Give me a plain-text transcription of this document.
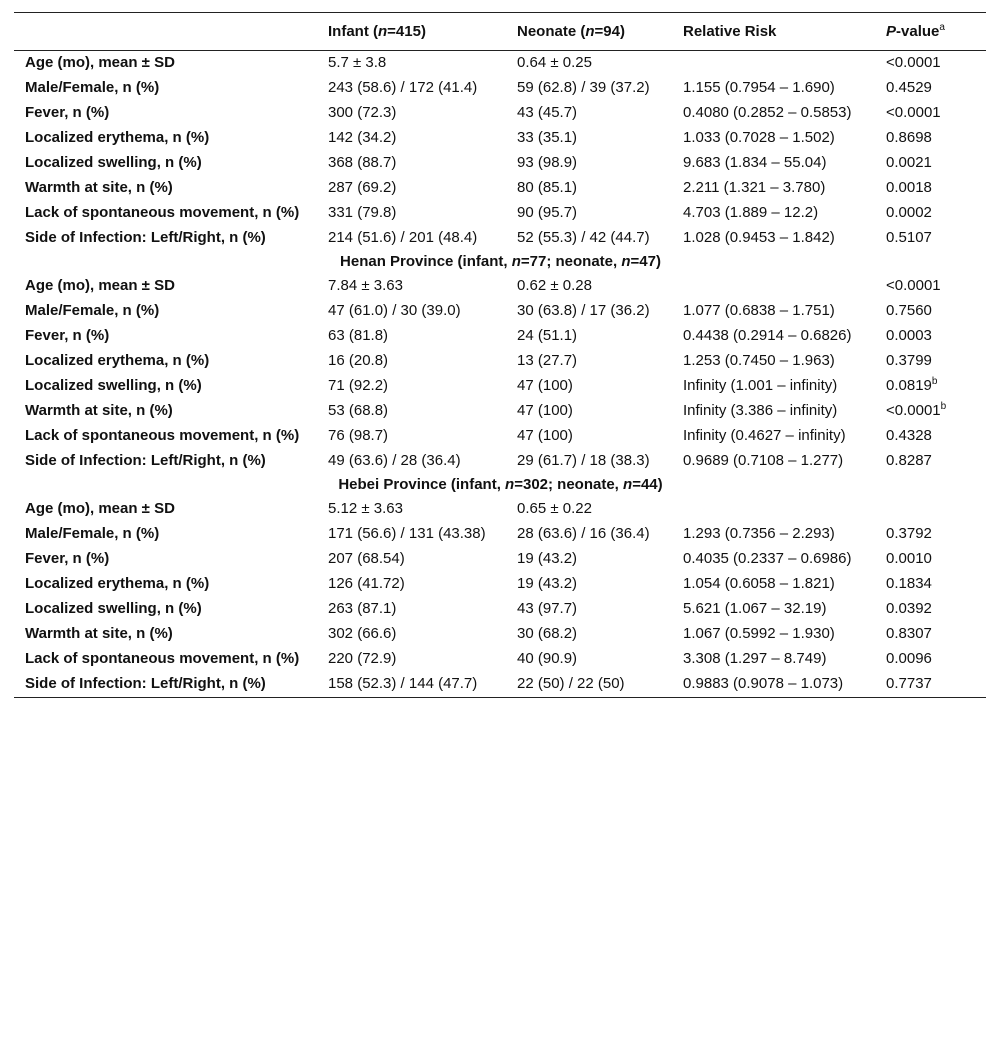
	Infant (n=415)	Neonate (n=94)	Relative Risk	P-value$^a$
Age (mo), mean ± SD	5.7 ± 3.8	0.64 ± 0.25		<0.0001
Male/Female, n (%)	243 (58.6) / 172 (41.4)	59 (62.8) / 39 (37.2)	1.155 (0.7954 – 1.690)	0.4529
Fever, n (%)	300 (72.3)	43 (45.7)	0.4080 (0.2852 – 0.5853)	<0.0001
Localized erythema, n (%)	142 (34.2)	33 (35.1)	1.033 (0.7028 – 1.502)	0.8698
Localized swelling, n (%)	368 (88.7)	93 (98.9)	9.683 (1.834 – 55.04)	0.0021
Warmth at site, n (%)	287 (69.2)	80 (85.1)	2.211 (1.321 – 3.780)	0.0018
Lack of spontaneous movement, n (%)	331 (79.8)	90 (95.7)	4.703 (1.889 – 12.2)	0.0002
Side of Infection: Left/Right, n (%)	214 (51.6) / 201 (48.4)	52 (55.3) / 42 (44.7)	1.028 (0.9453 – 1.842)	0.5107
Henan Province (infant, n=77; neonate, n=47)				
Age (mo), mean ± SD	7.84 ± 3.63	0.62 ± 0.28		<0.0001
Male/Female, n (%)	47 (61.0) / 30 (39.0)	30 (63.8) / 17 (36.2)	1.077 (0.6838 – 1.751)	0.7560
Fever, n (%)	63 (81.8)	24 (51.1)	0.4438 (0.2914 – 0.6826)	0.0003
Localized erythema, n (%)	16 (20.8)	13 (27.7)	1.253 (0.7450 – 1.963)	0.3799
Localized swelling, n (%)	71 (92.2)	47 (100)	Infinity (1.001 – infinity)	0.0819$^b$
Warmth at site, n (%)	53 (68.8)	47 (100)	Infinity (3.386 – infinity)	<0.0001$^b$
Lack of spontaneous movement, n (%)	76 (98.7)	47 (100)	Infinity (0.4627 – infinity)	0.4328
Side of Infection: Left/Right, n (%)	49 (63.6) / 28 (36.4)	29 (61.7) / 18 (38.3)	0.9689 (0.7108 – 1.277)	0.8287
Hebei Province (infant, n=302; neonate, n=44)				
Age (mo), mean ± SD	5.12 ± 3.63	0.65 ± 0.22		
Male/Female, n (%)	171 (56.6) / 131 (43.38)	28 (63.6) / 16 (36.4)	1.293 (0.7356 – 2.293)	0.3792
Fever, n (%)	207 (68.54)	19 (43.2)	0.4035 (0.2337 – 0.6986)	0.0010
Localized erythema, n (%)	126 (41.72)	19 (43.2)	1.054 (0.6058 – 1.821)	0.1834
Localized swelling, n (%)	263 (87.1)	43 (97.7)	5.621 (1.067 – 32.19)	0.0392
Warmth at site, n (%)	302 (66.6)	30 (68.2)	1.067 (0.5992 – 1.930)	0.8307
Lack of spontaneous movement, n (%)	220 (72.9)	40 (90.9)	3.308 (1.297 – 8.749)	0.0096
Side of Infection: Left/Right, n (%)	158 (52.3) / 144 (47.7)	22 (50) / 22 (50)	0.9883 (0.9078 – 1.073)	0.7737
